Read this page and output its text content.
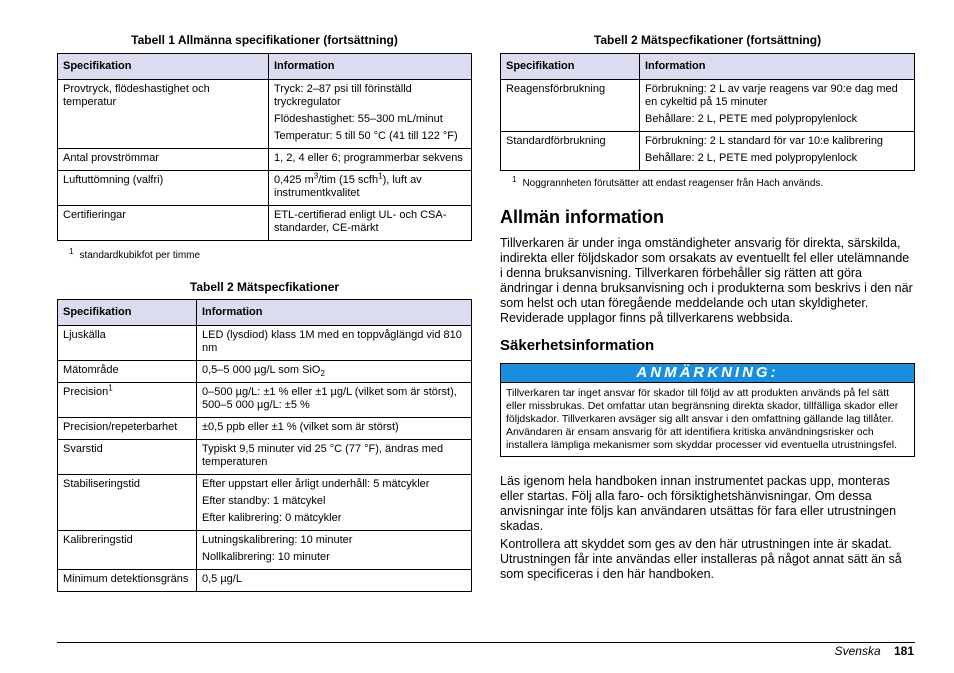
Tabell 1 Allmänna specifikationer (fortsättning)
Specifikation	Information
Provtryck, flödeshastighet och temperatur	Tryck: 2–87 psi till förinställd tryckregulator

Flödeshastighet: 55–300 mL/minut

Temperatur: 5 till 50 °C (41 till 122 °F)

Antal provströmmar	1, 2, 4 eller 6; programmerbar sekvens

Luftuttömning (valfri)	0,425 $m^3$/tim (15 scfh$^1$), luft av instrumentkvalitet

Certifieringar	ETL-certifierad enligt UL- och CSA-standarder, CE-märkt

$^1$ standardkubikfot per timme
Tabell 2 Mätspecfikationer
Specifikation	Information
Ljuskälla	LED (lysdiod) klass 1M med en toppvåglängd vid 810 nm

Mätområde	0,5–5 000 µg/L som SiO$_2$

Precision$^1$	0–500 µg/L: ±1 % eller ±1 µg/L (vilket som är störst), 500–5 000 µg/L: ±5 %

Precision/repeterbarhet	±0,5 ppb eller ±1 % (vilket som är störst)

Svarstid	Typiskt 9,5 minuter vid 25 °C (77 °F), ändras med temperaturen

Stabiliseringstid	Efter uppstart eller årligt underhåll: 5 mätcykler

Efter standby: 1 mätcykel

Efter kalibrering: 0 mätcykler

Kalibreringstid	Lutningskalibrering: 10 minuter

Nollkalibrering: 10 minuter

Minimum detektionsgräns	0,5 µg/L

Tabell 2 Mätspecfikationer (fortsättning)
Specifikation	Information
Reagensförbrukning	Förbrukning: 2 L av varje reagens var 90:e dag med en cykeltid på 15 minuter

Behållare: 2 L, PETE med polypropylenlock

Standardförbrukning	Förbrukning: 2 L standard för var 10:e kalibrering

Behållare: 2 L, PETE med polypropylenlock

$^1$ Noggrannheten förutsätter att endast reagenser från Hach används.
Allmän information

Tillverkaren är under inga omständigheter ansvarig för direkta, särskilda, indirekta eller följdskador som orsakats av eventuellt fel eller utelämnande i denna bruksanvisning. Tillverkaren förbehåller sig rätten att göra ändringar i denna bruksanvisning och i produkterna som beskrivs i den när som helst och utan föregående meddelande och utan skyldigheter. Reviderade upplagor finns på tillverkarens webbsida.

Säkerhetsinformation
ANMÄRKNING:
Tillverkaren tar inget ansvar för skador till följd av att produkten används på fel sätt eller missbrukas. Det omfattar utan begränsning direkta skador, tillfälliga skador eller följdskador. Tillverkaren avsäger sig allt ansvar i den omfattning gällande lag tillåter. Användaren är ensam ansvarig för att identifiera kritiska användningsrisker och installera lämpliga mekanismer som skyddar processer vid eventuella utrustningsfel.

Läs igenom hela handboken innan instrumentet packas upp, monteras eller startas. Följ alla faro- och försiktighetshänvisningar. Om dessa anvisningar inte följs kan användaren utsättas för fara eller utrustningen skadas.

Kontrollera att skyddet som ges av den här utrustningen inte är skadat. Utrustningen får inte användas eller installeras på något annat sätt än så som specificeras i den här handboken.

Svenska 181
